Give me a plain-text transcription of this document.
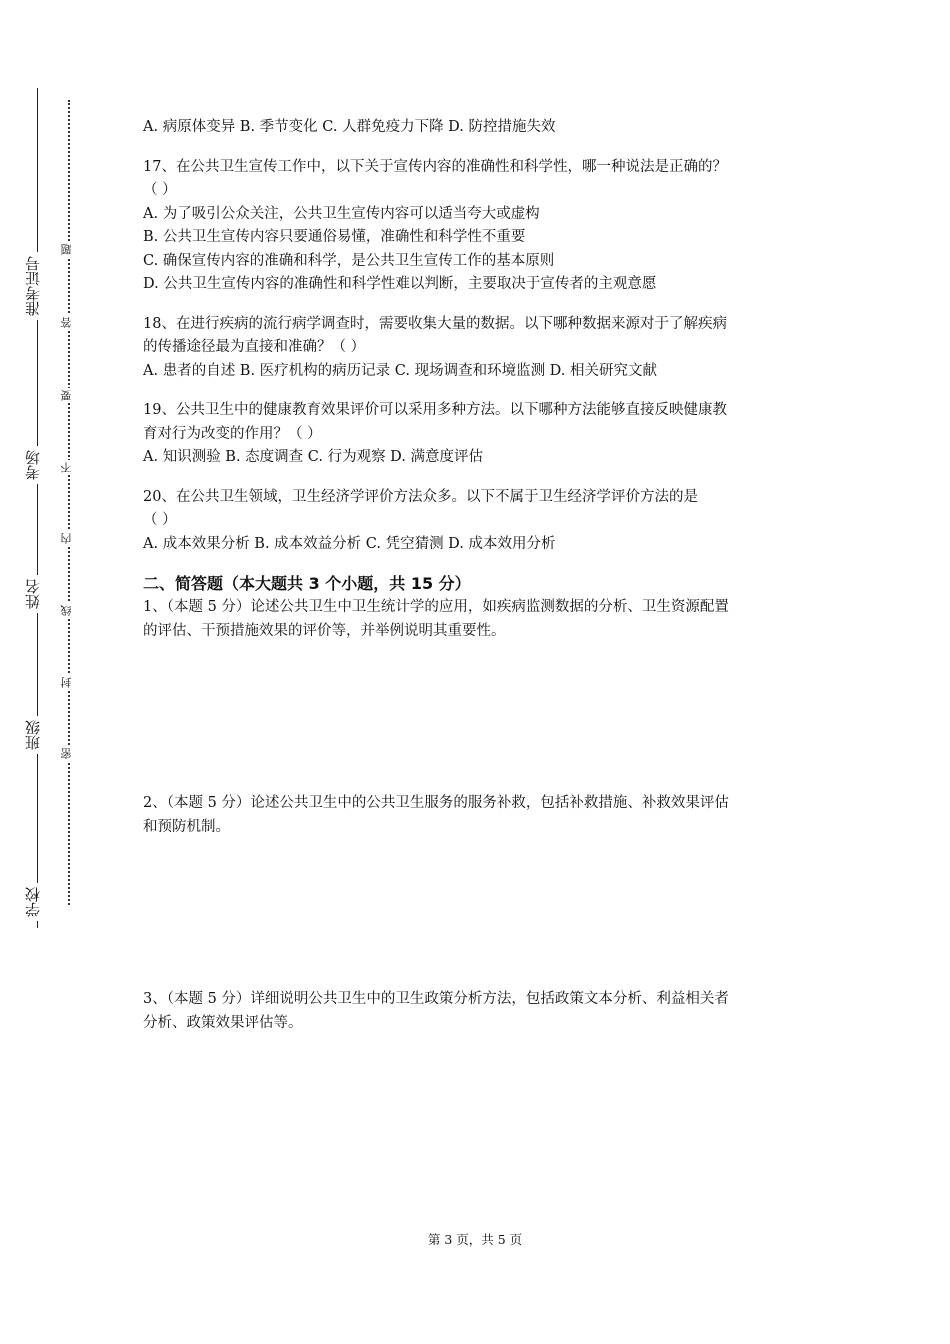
准考证号
考场
姓名
班级
学校
题
答
要
不
内
线
封
密

A. 病原体变异 B. 季节变化 C. 人群免疫力下降 D. 防控措施失效

17、在公共卫生宣传工作中，以下关于宣传内容的准确性和科学性，哪一种说法是正确的？

（ ）

A. 为了吸引公众关注，公共卫生宣传内容可以适当夸大或虚构

B. 公共卫生宣传内容只要通俗易懂，准确性和科学性不重要

C. 确保宣传内容的准确和科学，是公共卫生宣传工作的基本原则

D. 公共卫生宣传内容的准确性和科学性难以判断，主要取决于宣传者的主观意愿

18、在进行疾病的流行病学调查时，需要收集大量的数据。以下哪种数据来源对于了解疾病

的传播途径最为直接和准确？（ ）

A. 患者的自述 B. 医疗机构的病历记录 C. 现场调查和环境监测 D. 相关研究文献

19、公共卫生中的健康教育效果评价可以采用多种方法。以下哪种方法能够直接反映健康教

育对行为改变的作用？（ ）

A. 知识测验 B. 态度调查 C. 行为观察 D. 满意度评估

20、在公共卫生领域，卫生经济学评价方法众多。以下不属于卫生经济学评价方法的是

（ ）

A. 成本效果分析 B. 成本效益分析 C. 凭空猜测 D. 成本效用分析

二、简答题（本大题共 3 个小题，共 15 分）

1、（本题 5 分）论述公共卫生中卫生统计学的应用，如疾病监测数据的分析、卫生资源配置

的评估、干预措施效果的评价等，并举例说明其重要性。

2、（本题 5 分）论述公共卫生中的公共卫生服务的服务补救，包括补救措施、补救效果评估

和预防机制。

3、（本题 5 分）详细说明公共卫生中的卫生政策分析方法，包括政策文本分析、利益相关者

分析、政策效果评估等。

第 3 页，共 5 页
